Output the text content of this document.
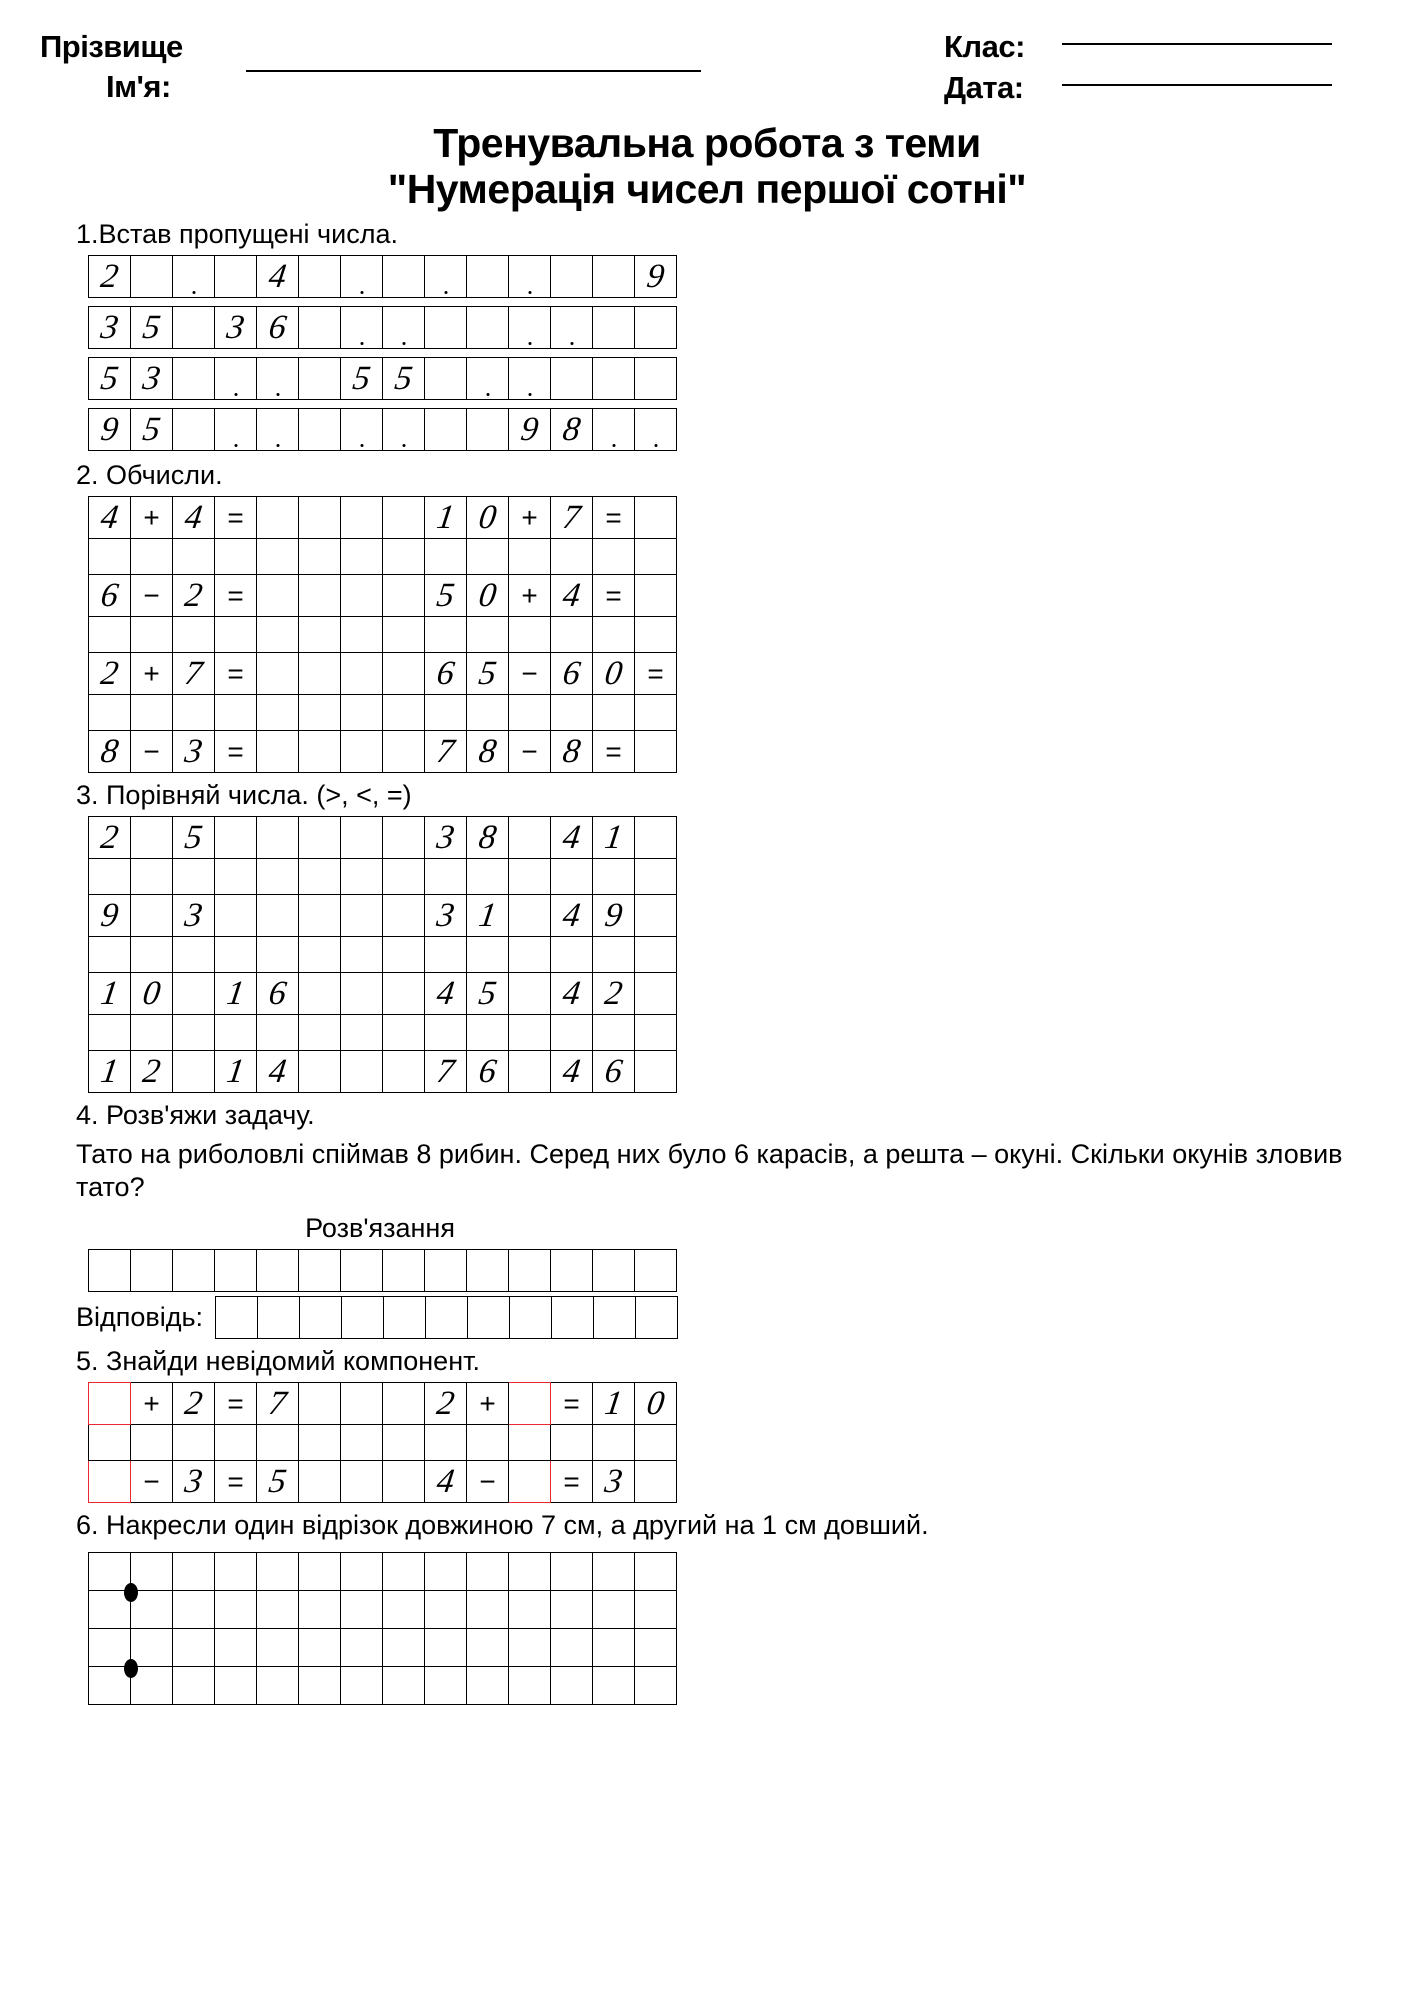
Прізвище
Ім'я:
Клас:
Дата:
Тренувальна робота з теми
"Нумерація чисел першої сотні"
1.Встав пропущені числа.
2				4									9
3	5		3	6		

5	3					5	5		

9	5									9	8	

2. Обчисли.
4	+	4	=					1	0	+	7	=	

6	−	2	=					5	0	+	4	=	

2	+	7	=					6	5	−	6	0	=

8	−	3	=					7	8	−	8	=	
3. Порівняй числа. (>, <, =)
2		5						3	8		4	1	

9		3						3	1		4	9	

1	0		1	6				4	5		4	2	

1	2		1	4				7	6		4	6	
4. Розв'яжи задачу.
Тато на риболовлі спіймав 8 рибин. Серед них було 6 карасів, а решта – окуні. Скільки окунів зловив тато?
Розв'язання

Відповідь:

5. Знайди невідомий компонент.
	+	2	=	7				2	+		=	1	0

	−	3	=	5				4	−		=	3	
6. Накресли один відрізок довжиною 7 см, а другий на 1 см довший.
